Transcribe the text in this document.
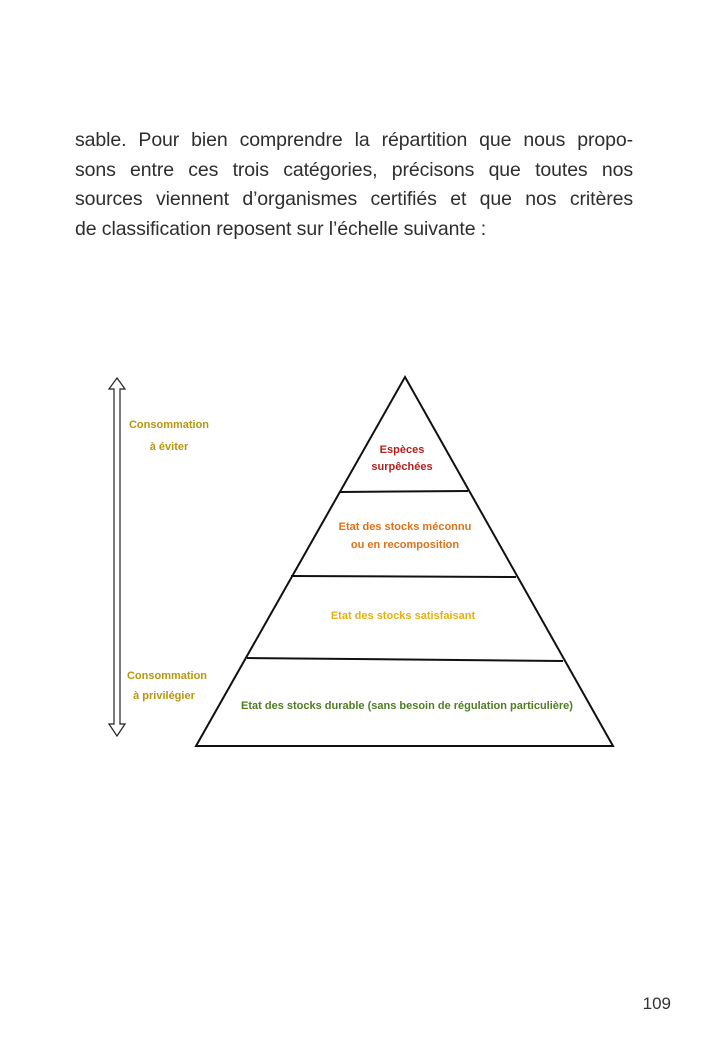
sable. Pour bien comprendre la répartition que nous propo-
sons entre ces trois catégories, précisons que toutes nos
sources viennent d’organismes certifiés et que nos critères
de classification reposent sur l’échelle suivante :
Consommation
à éviter
Consommation
à privilégier
Espèces
surpêchées
Etat des stocks méconnu
ou en recomposition
Etat des stocks satisfaisant
Etat des stocks durable (sans besoin de régulation particulière)
109
